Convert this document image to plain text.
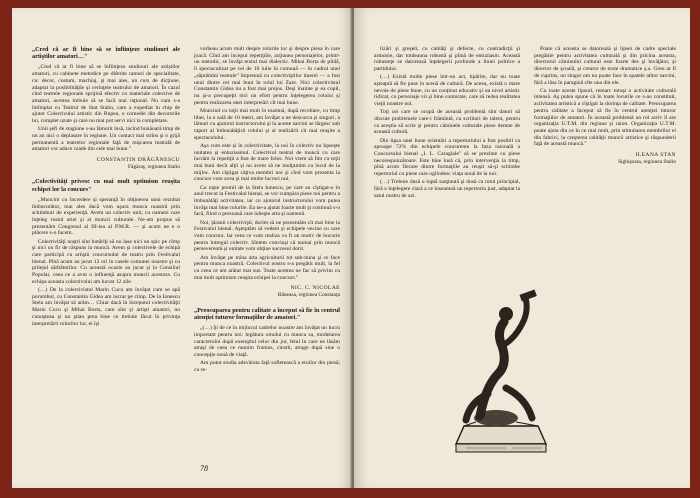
„Cred că ar fi bine să se înfiinţeze studiouri ale artiştilor amatori…"

„Cred că ar fi bine să se înfiinţeze studiouri ale artiştilor amatori, cu cabinete metodice pe diferite ramuri de specialitate, cu: decor, costum, machiaj, şi mai ales, un curs de dicţiune, adaptat la posibilităţile şi cerinţele teatrului de amatori. În cazul cînd teatrele regionale sprijină efectiv cu materiale colective de amatori, acestea trebuie să se facă mai raţional. Nu cum s-a întîmplat cu Teatrul de Stat Stalin, care a expediat în chip de ajutor Colectivului artistic din Rupea, o comedie din decorurile lui, complet uzate şi care nu mai pot servi nici la completare.

Unii şefi de stagiune s-au lămurit însă, tacînd bunăoară timp de un an nici o deplasare în regiune. Un contact mai strîns şi o grijă permanentă a teatrelor regionale faţă de mişcarea teatrală de amatori vor aduce roade din cele mai bune."

CONSTANTIN DRĂGĂNESCU

Făgăraş, regiunea Stalin

„Colectivităţi privesc cu mai mult optimism reuşita echipei lor la concurs"

„Muncim cu încredere şi speranţă în obţinerea unui rezultat îmbucurător, mai ales dacă vom uşura munca noastră prin schimburi de experienţă. Avem un colectiv unit, cu oameni care înţeleg rostul artei şi al muncii culturale. Ne-am propus să prezentăm Congresul al III-lea al P.M.R. — şi acum ne e o plăcere s-o facem.

Colectivităţi noştri sînt hotărîţi să nu lase nici un spic pe cîmp şi nici un fir de răspuns la muncă. Avem şi colectivele de echipă care participă cu artiştii concursului de teatru prin Festivalul bienal. Pînă acum au jucat 12 ori în casele comunei noastre şi cu prilejul sărbătorilor. Cu această ocazie au jucat şi la Consiliul Popular, ceea ce a avut o influenţă asupra muncii acestora. Cu echipa aceasta colectivului am lucrat 12 zile.

(…) De la colectivistul Marin Cucu am învăţat cum se apă porumbul, cu Constantin Gidea am lucrat pe cîmp. De la Ionescu Stela am învăţat să arăm… Chiar dacă în începutul colectivităţii Marin Cucu şi Mihai Borta, care sînt şi artişti amatori, nu cunoşteau şi nu ştiau prea bine ce trebuie făcut în privinţa interpretării rolurilor lor, ei îşi

vorbeau acum mult despre rolurile lor şi despre piesa în care joacă. Cînd am început repetiţiile, acţiunea personajelor, printr-un metodic, se învăţa textul mai dialectic. Mihai Borta de pildă, îi spectaculizat pe cei de 10 iulie în comună — în cadrul unei „săptămîni teatrale" împreună cu colectiviştilor tinerei — a fost unul dintre cei mai buni în rolul lui Zare. Nici colectivistul Constantin Gidea nu a fost mai prejos. Deşi înainte şi ea copil, nu şi-a precupeţit nici un efort pentru înţelegerea rolului şi pentru realizarea unei interpretări cît mai bune.

Muncind cu toţii mai mult în toamnă, după recoltare, cu timp liber, la o sală de 10 metri, am învăţat a ne descurca şi singuri, a lămuri cu ajutorul instructorului şi la aceste sarcini se lărgesc sub raport al îmbunătăţirii rolului şi al realizării cît mai reuşite a spectacolului.

Aşa cum este şi în colectivitate, la noi în colectiv nu lipseşte unitatea şi entuziasmul. Colectivul teatral de muncă cu care lucrăm la repetiţii a fost de mare folos. Noi vrem să fim cu toţii mai buni decît alţii şi nu avem să ne mulţumim cu locul de la mijloc. Am cîştigat câţiva membri noi şi cînd vom prezenta la concurs vom avea şi mai multe lucruri noi.

Cu nişte premii de la Stela Ionescu, pe care au cîştigat-o în anul trecut la Festivalul bienal, se vor cumpăra piese noi pentru a îmbunătăţi activitatea, iar cu ajutorul instructorului vom putea învăţa mai bine rolurile. Ea ne-a ajutat foarte mult şi continuă s-o facă, fiind o persoană care iubeşte arta şi oamenii.

Noi, ţăranii colectivişti, dorim să ne prezentăm cît mai bine la Festivalul bienal. Aşteptăm să vedem şi echipele vecine cu care vom concura. Iar ceea ce vom realiza va fi un motiv de bucurie pentru întregul colectiv. Sîntem convinşi că numai prin muncă perseverentă şi unitate vom obţine succesul dorit.

Am învăţat pe mîna arta agriculturii tot sub-mina şi ce face pentru munca noastră. Colectivul nostru s-a pregătit mult, la fel cu ceea ce am arătat mai sus. Toate acestea ne fac să privim cu mai mult optimism reuşita echipei la concurs."

NIC. C. NICOLAE

Băneasa, regiunea Constanţa

„Preocuparea pentru calitate a început să fie în centrul atenţiei tuturor formaţiilor de amatori."

„(…) Şi de ce în mijlocul cadrelor noastre am învăţat un lucru important pentru noi: legătura omului cu munca sa, modelarea caracterului după exemplul celor din jur, felul în care ne lăsăm atraşi de ceea ce numim frumos, cinstit, atrage după sine o concepţie nouă de viaţă.

Am putut studia adevărata faţă sufletească a eroilor din piesă; cu re-

78

lizări şi greşeli, cu calităţi şi defecte, cu contradicţii şi armonie, dar totdeauna robustă şi plină de entuziasm. Această robusteţe se datorează înţelegerii profunde a liniei politice a partidului.

(…) Există multe piese într-un act, tipărite, dar nu toate aşteaptă să fie puse în scenă de cultură. De aceea, există o mare nevoie de piese bune, cu un conţinut educativ şi un nivel artistic ridicat, cu personaje vii şi bine conturate, care să redea realitatea vieţii noastre noi.

Toţi cei care se ocupă de această problemă sînt datori să discute problemele care-i frămîntă, cu scriitori de talent, pentru ca aceştia să scrie şi pentru căminele culturale piese demne de această cultură.

Din lipsa unei bune orientări a repertoriului a fost posibil ca aproape 72% din echipele concurente la faza raională a Concursului bienal „I. L. Caragiale" să se prezinte cu piese necorespunzătoare. Este bine însă că, prin intervenţia la timp, pînă acum fiecare dintre formaţiile au reuşit să-şi schimbe repertoriul cu piese care oglindesc viaţa nouă de la noi.

(…) Trebuie dusă o luptă susţinută şi dusă cu totul principial, fără o înţelegere clară a ce înseamnă un repertoriu just, adaptat la satul nostru de azi.

Poate că aceasta se datorează şi lipsei de cadre speciale pregătite pentru activitatea culturală şi din pricina aceasta, directorul căminului cultural este foarte des şi învăţător, şi director de şcoală, şi creator de texte dramatice ş.a. Greu ar fi de cuprins, un singur om nu poate face în spatele atîtor sarcini, fără a lăsa în paragină cîte una din ele.

Cu toate aceste lipsuri, remarc totuşi o activitate culturală intensă. Aş putea spune că în toate locurile ce s-au constituit, activitatea artistică a cîştigat la dorinţa de calitate. Preocuparea pentru calitate a început să fie în centrul atenţiei tuturor formaţiilor de amatori. În această problemă un rol activ îl are organizaţia U.T.M. din regiune şi raion. Organizaţia U.T.M. poate ajuta din ce în ce mai mult, prin stimularea membrilor ei din fabrici, la creşterea calităţii muncii artistice şi răspunderii faţă de această muncă."

ILEANA STAN

Sighişoara, regiunea Stalin
